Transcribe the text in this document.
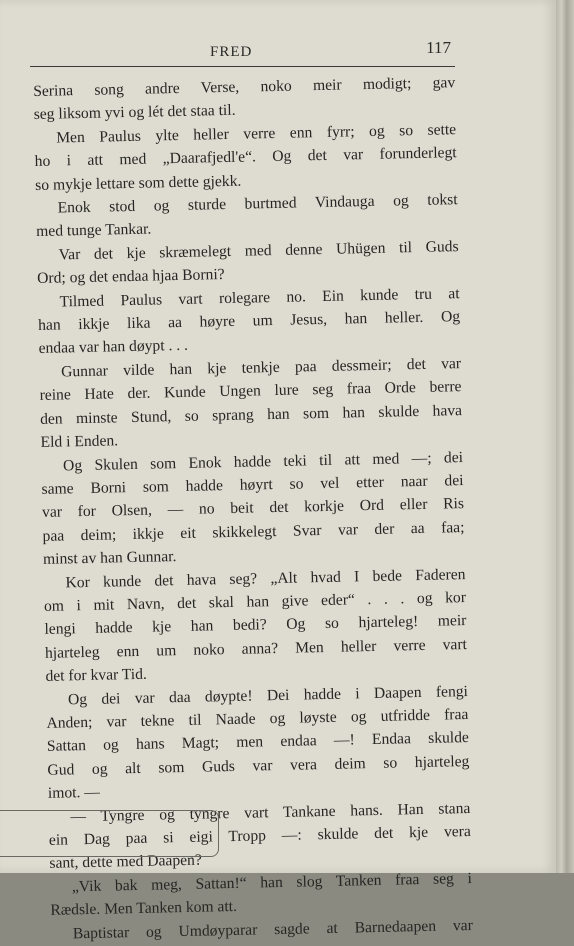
FRED	117
Serina song andre Verse, noko meir modigt; gav
seg liksom yvi og lét det staa til.
Men Paulus ylte heller verre enn fyrr; og so sette
ho i att med „Daarafjedl'e“. Og det var forunderlegt
so mykje lettare som dette gjekk.
Enok stod og sturde burtmed Vindauga og tokst
med tunge Tankar.
Var det kje skræmelegt med denne Uhügen til Guds
Ord; og det endaa hjaa Borni?
Tilmed Paulus vart rolegare no. Ein kunde tru at
han ikkje lika aa høyre um Jesus, han heller. Og
endaa var han døypt . . .
Gunnar vilde han kje tenkje paa dessmeir; det var
reine Hate der. Kunde Ungen lure seg fraa Orde berre
den minste Stund, so sprang han som han skulde hava
Eld i Enden.
Og Skulen som Enok hadde teki til att med —; dei
same Borni som hadde høyrt so vel etter naar dei
var for Olsen, — no beit det korkje Ord eller Ris
paa deim; ikkje eit skikkelegt Svar var der aa faa;
minst av han Gunnar.
Kor kunde det hava seg? „Alt hvad I bede Faderen
om i mit Navn, det skal han give eder“ . . . og kor
lengi hadde kje han bedi? Og so hjarteleg! meir
hjarteleg enn um noko anna? Men heller verre vart
det for kvar Tid.
Og dei var daa døypte! Dei hadde i Daapen fengi
Anden; var tekne til Naade og løyste og utfridde fraa
Sattan og hans Magt; men endaa —! Endaa skulde
Gud og alt som Guds var vera deim so hjarteleg
imot. —
— Tyngre og tyngre vart Tankane hans. Han stana
ein Dag paa si eigi Tropp —: skulde det kje vera
sant, dette med Daapen?
„Vik bak meg, Sattan!“ han slog Tanken fraa seg i
Rædsle. Men Tanken kom att.
Baptistar og Umdøyparar sagde at Barnedaapen var
